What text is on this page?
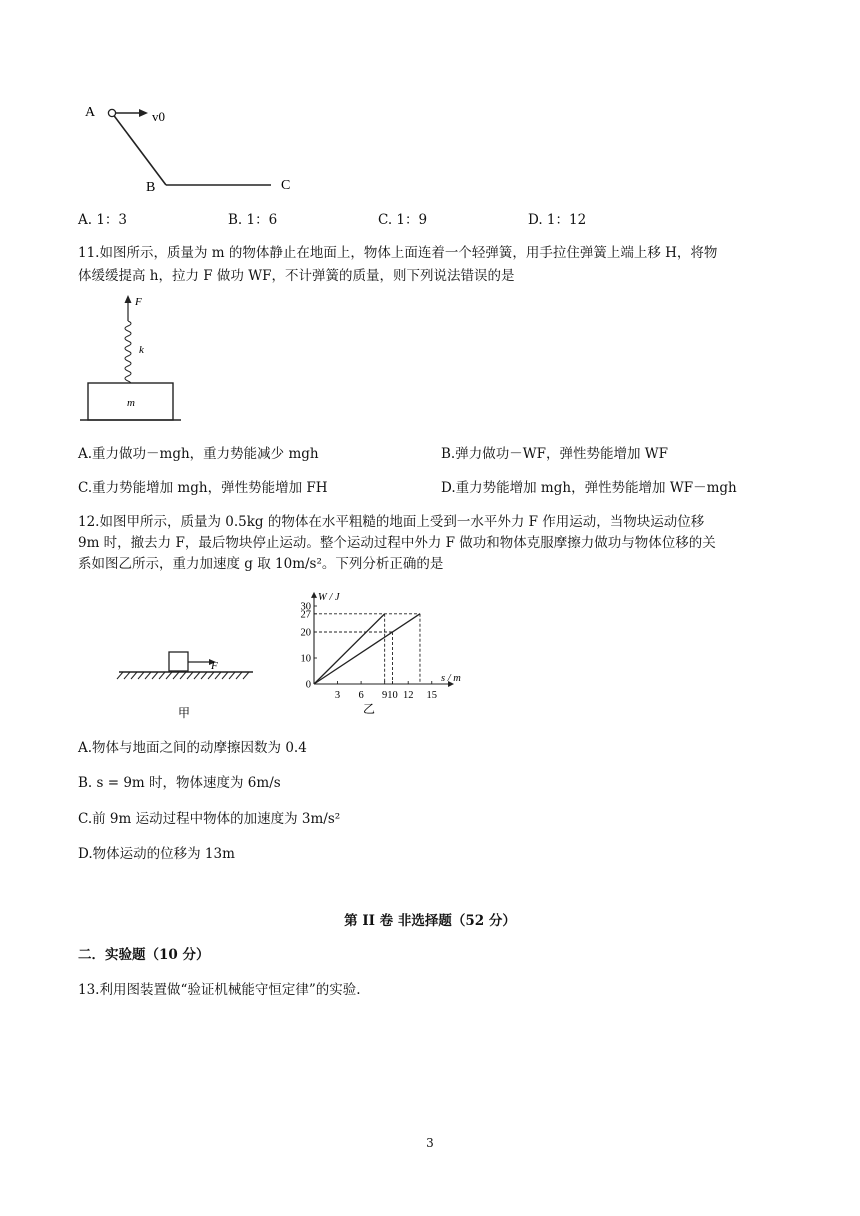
A	v0
B	C
A. 1：3	B. 1：6	C. 1：9	D. 1：12
11.如图所示，质量为 m 的物体静止在地面上，物体上面连着一个轻弹簧，用手拉住弹簧上端上移 H，将物
体缓缓提高 h，拉力 F 做功 WF，不计弹簧的质量，则下列说法错误的是
F
k
m
A.重力做功－mgh，重力势能减少 mgh	B.弹力做功－WF，弹性势能增加 WF
C.重力势能增加 mgh，弹性势能增加 FH	D.重力势能增加 mgh，弹性势能增加 WF－mgh
12.如图甲所示，质量为 0.5kg 的物体在水平粗糙的地面上受到一水平外力 F 作用运动，当物块运动位移
9m 时，撤去力 F，最后物块停止运动。整个运动过程中外力 F 做功和物体克服摩擦力做功与物体位移的关
系如图乙所示，重力加速度 g 取 10m/s²。下列分析正确的是
F
甲
0
10
20
27
30
3 6 9 10 12 15
W / J
s / m
乙
A.物体与地面之间的动摩擦因数为 0.4
B. s = 9m 时，物体速度为 6m/s
C.前 9m 运动过程中物体的加速度为 3m/s²
D.物体运动的位移为 13m
第 II 卷 非选择题（52 分）
二．实验题（10 分）
13.利用图装置做“验证机械能守恒定律”的实验.
3
